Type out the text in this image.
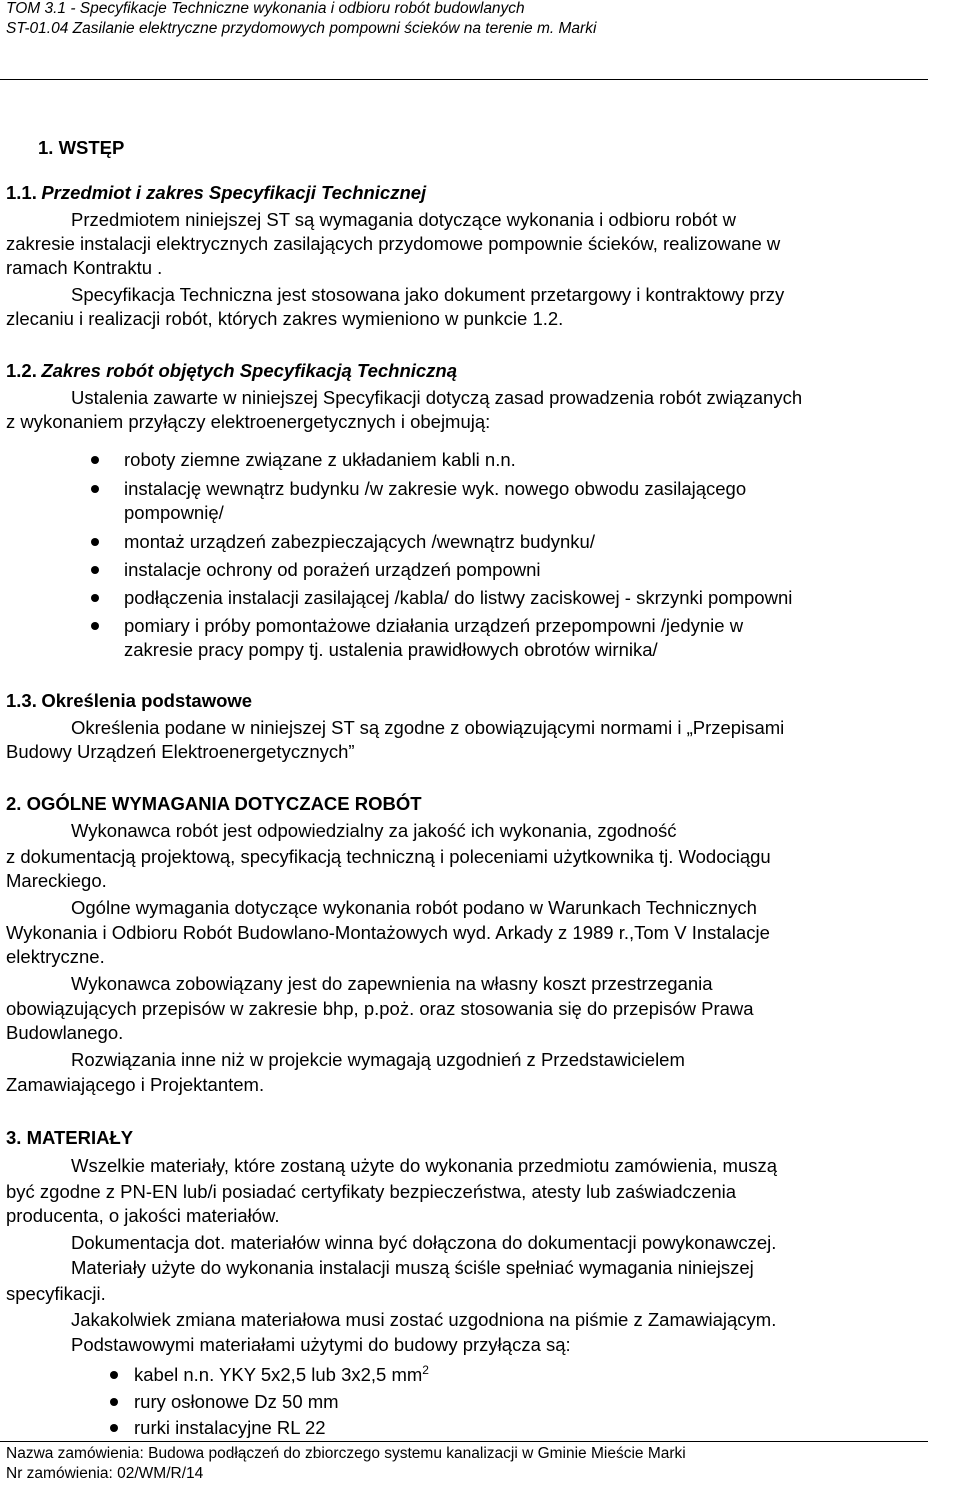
TOM 3.1 - Specyfikacje Techniczne wykonania i odbioru robót budowlanych
ST-01.04 Zasilanie elektryczne przydomowych pompowni ścieków na terenie m. Marki
1. WSTĘP
1.1. Przedmiot i zakres Specyfikacji Technicznej
Przedmiotem niniejszej ST są wymagania dotyczące wykonania i odbioru robót w
zakresie instalacji elektrycznych zasilających przydomowe pompownie ścieków, realizowane w
ramach Kontraktu .
Specyfikacja Techniczna jest stosowana jako dokument przetargowy i kontraktowy przy
zlecaniu i realizacji robót, których zakres wymieniono w punkcie 1.2.
1.2. Zakres robót objętych Specyfikacją Techniczną
Ustalenia zawarte w niniejszej Specyfikacji dotyczą zasad prowadzenia robót związanych
z wykonaniem przyłączy elektroenergetycznych i obejmują:
roboty ziemne związane z układaniem kabli n.n.
instalację wewnątrz budynku /w zakresie wyk. nowego obwodu zasilającego
pompownię/
montaż urządzeń zabezpieczających /wewnątrz budynku/
instalacje ochrony od porażeń urządzeń pompowni
podłączenia instalacji zasilającej /kabla/ do listwy zaciskowej - skrzynki pompowni
pomiary i próby pomontażowe działania urządzeń przepompowni /jedynie w
zakresie pracy pompy tj. ustalenia prawidłowych obrotów wirnika/
1.3. Określenia podstawowe
Określenia podane w niniejszej ST są zgodne z obowiązującymi normami i „Przepisami
Budowy Urządzeń Elektroenergetycznych”
2. OGÓLNE WYMAGANIA DOTYCZACE ROBÓT
Wykonawca robót jest odpowiedzialny za jakość ich wykonania, zgodność
z dokumentacją projektową, specyfikacją techniczną i poleceniami użytkownika tj. Wodociągu
Mareckiego.
Ogólne wymagania dotyczące wykonania robót podano w Warunkach Technicznych
Wykonania i Odbioru Robót Budowlano-Montażowych wyd. Arkady z 1989 r.,Tom V Instalacje
elektryczne.
Wykonawca zobowiązany jest do zapewnienia na własny koszt przestrzegania
obowiązujących przepisów w zakresie bhp, p.poż. oraz stosowania się do przepisów Prawa
Budowlanego.
Rozwiązania inne niż w projekcie wymagają uzgodnień z Przedstawicielem
Zamawiającego i Projektantem.
3. MATERIAŁY
Wszelkie materiały, które zostaną użyte do wykonania przedmiotu zamówienia, muszą
być zgodne z PN-EN lub/i posiadać certyfikaty bezpieczeństwa, atesty lub zaświadczenia
producenta, o jakości materiałów.
Dokumentacja dot. materiałów winna być dołączona do dokumentacji powykonawczej.
Materiały użyte do wykonania instalacji muszą ściśle spełniać wymagania niniejszej
specyfikacji.
Jakakolwiek zmiana materiałowa musi zostać uzgodniona na piśmie z Zamawiającym.
Podstawowymi materiałami użytymi do budowy przyłącza są:
kabel n.n. YKY 5x2,5 lub 3x2,5 $mm^2$
rury osłonowe Dz 50 mm
rurki instalacyjne RL 22
Nazwa zamówienia: Budowa podłączeń do zbiorczego systemu kanalizacji w Gminie Mieście Marki
Nr zamówienia: 02/WM/R/14
